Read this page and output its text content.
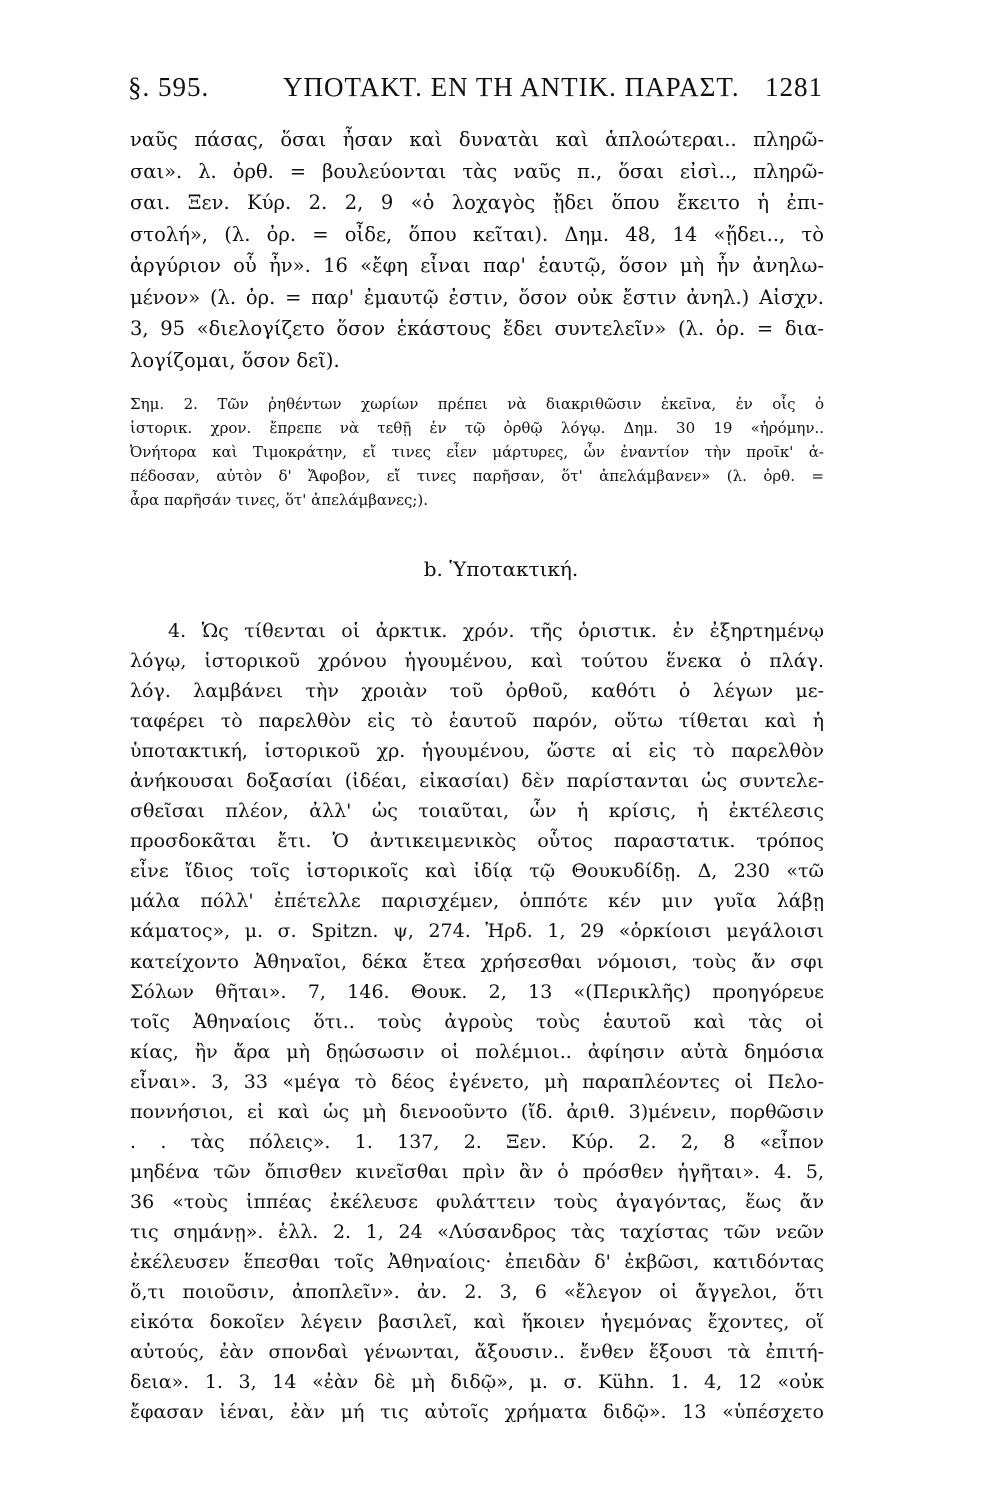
§. 595.	ΥΠΟΤΑΚΤ. ΕΝ ΤΗ ΑΝΤΙΚ. ΠΑΡΑΣΤ. 1281
ναῦς πάσας, ὅσαι ἦσαν καὶ δυνατὰι καὶ ἁπλοώτεραι.. πληρῶ-
σαι». λ. ὀρθ. = βουλεύονται τὰς ναῦς π., ὅσαι εἰσὶ.., πληρῶ-
σαι. Ξεν. Κύρ. 2. 2, 9 «ὁ λοχαγὸς ᾔδει ὅπου ἔκειτο ἡ ἐπι-
στολή», (λ. ὀρ. = οἶδε, ὅπου κεῖται). Δημ. 48, 14 «ᾔδει.., τὸ
ἀργύριον οὗ ἦν». 16 «ἔφη εἶναι παρ' ἑαυτῷ, ὅσον μὴ ἦν ἀνηλω-
μένον» (λ. ὀρ. = παρ' ἐμαυτῷ ἐστιν, ὅσον οὐκ ἔστιν ἀνηλ.) Αἰσχν.
3, 95 «διελογίζετο ὅσον ἑκάστους ἔδει συντελεῖν» (λ. ὀρ. = δια-
λογίζομαι, ὅσον δεῖ).
Σημ. 2. Τῶν ῥηθέντων χωρίων πρέπει νὰ διακριθῶσιν ἐκεῖνα, ἐν οἷς ὁ
ἱστορικ. χρον. ἔπρεπε νὰ τεθῇ ἐν τῷ ὀρθῷ λόγῳ. Δημ. 30 19 «ἠρόμην..
Ὀνήτορα καὶ Τιμοκράτην, εἴ τινες εἶεν μάρτυρες, ὧν ἐναντίον τὴν προῖκ' ἀ-
πέδοσαν, αὐτὸν δ' Ἄφοβον, εἴ τινες παρῆσαν, ὅτ' ἀπελάμβανεν» (λ. ὀρθ. =
ἆρα παρῆσάν τινες, ὅτ' ἀπελάμβανες;).
b. Ὑποτακτική.
4. Ὡς τίθενται οἱ ἀρκτικ. χρόν. τῆς ὁριστικ. ἐν ἐξηρτημένῳ
λόγῳ, ἱστορικοῦ χρόνου ἡγουμένου, καὶ τούτου ἕνεκα ὁ πλάγ.
λόγ. λαμβάνει τὴν χροιὰν τοῦ ὀρθοῦ, καθότι ὁ λέγων με-
ταφέρει τὸ παρελθὸν εἰς τὸ ἑαυτοῦ παρόν, οὕτω τίθεται καὶ ἡ
ὑποτακτική, ἱστορικοῦ χρ. ἡγουμένου, ὥστε αἱ εἰς τὸ παρελθὸν
ἀνήκουσαι δοξασίαι (ἰδέαι, εἰκασίαι) δὲν παρίστανται ὡς συντελε-
σθεῖσαι πλέον, ἀλλ' ὡς τοιαῦται, ὧν ἡ κρίσις, ἡ ἐκτέλεσις
προσδοκᾶται ἔτι. Ὁ ἀντικειμενικὸς οὗτος παραστατικ. τρόπος
εἶνε ἴδιος τοῖς ἱστορικοῖς καὶ ἰδίᾳ τῷ Θουκυδίδῃ. Δ, 230 «τῶ
μάλα πόλλ' ἐπέτελλε παρισχέμεν, ὁππότε κέν μιν γυῖα λάβῃ
κάματος», μ. σ. Spitzn. ψ, 274. Ἡρδ. 1, 29 «ὁρκίοισι μεγάλοισι
κατείχοντο Ἀθηναῖοι, δέκα ἔτεα χρήσεσθαι νόμοισι, τοὺς ἄν σφι
Σόλων θῆται». 7, 146. Θουκ. 2, 13 «(Περικλῆς) προηγόρευε
τοῖς Ἀθηναίοις ὅτι.. τοὺς ἀγροὺς τοὺς ἑαυτοῦ καὶ τὰς οἰ
κίας, ἢν ἄρα μὴ δῃώσωσιν οἱ πολέμιοι.. ἀφίησιν αὐτὰ δημόσια
εἶναι». 3, 33 «μέγα τὸ δέος ἐγένετο, μὴ παραπλέοντες οἱ Πελο-
ποννήσιοι, εἰ καὶ ὡς μὴ διενοοῦντο (ἴδ. ἀριθ. 3)μένειν, πορθῶσιν
. . τὰς πόλεις». 1. 137, 2. Ξεν. Κύρ. 2. 2, 8 «εἶπον
μηδένα τῶν ὄπισθεν κινεῖσθαι πρὶν ἂν ὁ πρόσθεν ἡγῆται». 4. 5,
36 «τοὺς ἱππέας ἐκέλευσε φυλάττειν τοὺς ἀγαγόντας, ἕως ἄν
τις σημάνῃ». ἑλλ. 2. 1, 24 «Λύσανδρος τὰς ταχίστας τῶν νεῶν
ἐκέλευσεν ἕπεσθαι τοῖς Ἀθηναίοις· ἐπειδὰν δ' ἐκβῶσι, κατιδόντας
ὅ,τι ποιοῦσιν, ἀποπλεῖν». ἀν. 2. 3, 6 «ἔλεγον οἱ ἄγγελοι, ὅτι
εἰκότα δοκοῖεν λέγειν βασιλεῖ, καὶ ἥκοιεν ἡγεμόνας ἔχοντες, οἵ
αὐτούς, ἐὰν σπονδαὶ γένωνται, ἄξουσιν.. ἔνθεν ἕξουσι τὰ ἐπιτή-
δεια». 1. 3, 14 «ἐὰν δὲ μὴ διδῷ», μ. σ. Kühn. 1. 4, 12 «οὐκ
ἔφασαν ἰέναι, ἐὰν μή τις αὐτοῖς χρήματα διδῷ». 13 «ὑπέσχετο
